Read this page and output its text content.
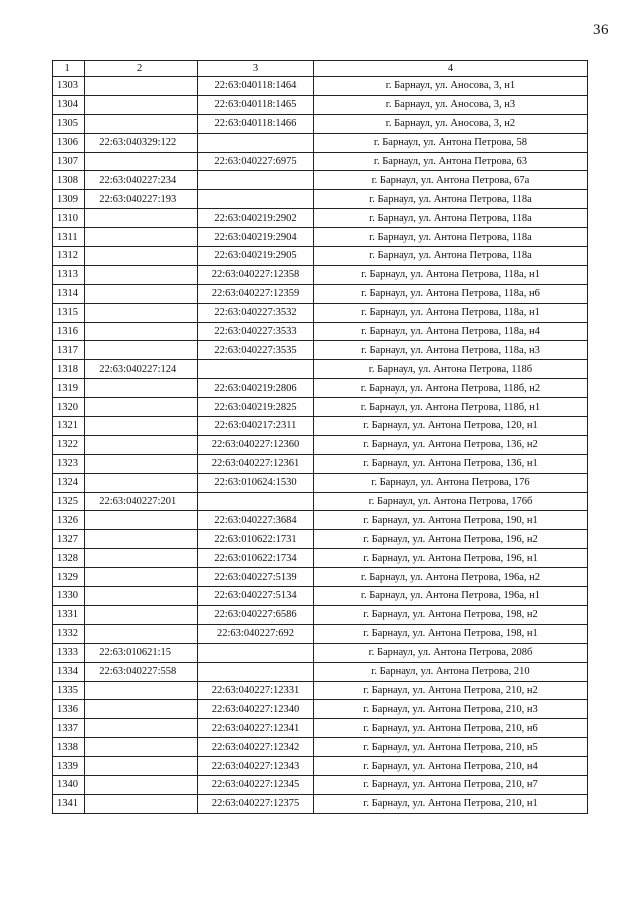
36
1	2	3	4
1303		22:63:040118:1464	г. Барнаул, ул. Аносова, 3, н1
1304		22:63:040118:1465	г. Барнаул, ул. Аносова, 3, н3
1305		22:63:040118:1466	г. Барнаул, ул. Аносова, 3, н2
1306	22:63:040329:122		г. Барнаул, ул. Антона Петрова, 58
1307		22:63:040227:6975	г. Барнаул, ул. Антона Петрова, 63
1308	22:63:040227:234		г. Барнаул, ул. Антона Петрова, 67а
1309	22:63:040227:193		г. Барнаул, ул. Антона Петрова, 118а
1310		22:63:040219:2902	г. Барнаул, ул. Антона Петрова, 118а
1311		22:63:040219:2904	г. Барнаул, ул. Антона Петрова, 118а
1312		22:63:040219:2905	г. Барнаул, ул. Антона Петрова, 118а
1313		22:63:040227:12358	г. Барнаул, ул. Антона Петрова, 118а, н1
1314		22:63:040227:12359	г. Барнаул, ул. Антона Петрова, 118а, н6
1315		22:63:040227:3532	г. Барнаул, ул. Антона Петрова, 118а, н1
1316		22:63:040227:3533	г. Барнаул, ул. Антона Петрова, 118а, н4
1317		22:63:040227:3535	г. Барнаул, ул. Антона Петрова, 118а, н3
1318	22:63:040227:124		г. Барнаул, ул. Антона Петрова, 118б
1319		22:63:040219:2806	г. Барнаул, ул. Антона Петрова, 118б, н2
1320		22:63:040219:2825	г. Барнаул, ул. Антона Петрова, 118б, н1
1321		22:63:040217:2311	г. Барнаул, ул. Антона Петрова, 120, н1
1322		22:63:040227:12360	г. Барнаул, ул. Антона Петрова, 136, н2
1323		22:63:040227:12361	г. Барнаул, ул. Антона Петрова, 136, н1
1324		22:63:010624:1530	г. Барнаул, ул. Антона Петрова, 176
1325	22:63:040227:201		г. Барнаул, ул. Антона Петрова, 176б
1326		22:63:040227:3684	г. Барнаул, ул. Антона Петрова, 190, н1
1327		22:63:010622:1731	г. Барнаул, ул. Антона Петрова, 196, н2
1328		22:63:010622:1734	г. Барнаул, ул. Антона Петрова, 196, н1
1329		22:63:040227:5139	г. Барнаул, ул. Антона Петрова, 196а, н2
1330		22:63:040227:5134	г. Барнаул, ул. Антона Петрова, 196а, н1
1331		22:63:040227:6586	г. Барнаул, ул. Антона Петрова, 198, н2
1332		22:63:040227:692	г. Барнаул, ул. Антона Петрова, 198, н1
1333	22:63:010621:15		г. Барнаул, ул. Антона Петрова, 208б
1334	22:63:040227:558		г. Барнаул, ул. Антона Петрова, 210
1335		22:63:040227:12331	г. Барнаул, ул. Антона Петрова, 210, н2
1336		22:63:040227:12340	г. Барнаул, ул. Антона Петрова, 210, н3
1337		22:63:040227:12341	г. Барнаул, ул. Антона Петрова, 210, н6
1338		22:63:040227:12342	г. Барнаул, ул. Антона Петрова, 210, н5
1339		22:63:040227:12343	г. Барнаул, ул. Антона Петрова, 210, н4
1340		22:63:040227:12345	г. Барнаул, ул. Антона Петрова, 210, н7
1341		22:63:040227:12375	г. Барнаул, ул. Антона Петрова, 210, н1
